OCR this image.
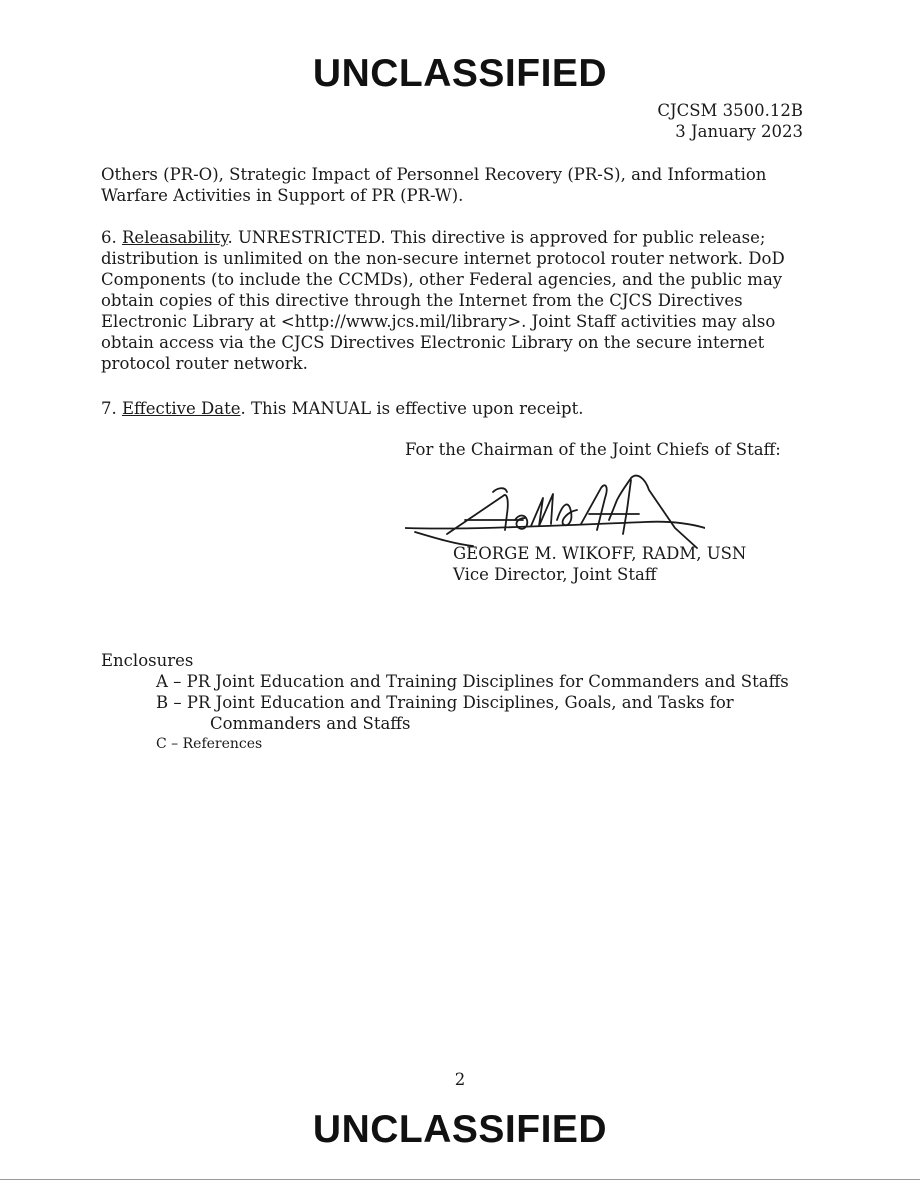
UNCLASSIFIED
CJCSM 3500.12B
3 January 2023
Others (PR-O), Strategic Impact of Personnel Recovery (PR-S), and Information Warfare Activities in Support of PR (PR-W).
6. Releasability. UNRESTRICTED. This directive is approved for public release; distribution is unlimited on the non-secure internet protocol router network. DoD Components (to include the CCMDs), other Federal agencies, and the public may obtain copies of this directive through the Internet from the CJCS Directives Electronic Library at <http://www.jcs.mil/library>. Joint Staff activities may also obtain access via the CJCS Directives Electronic Library on the secure internet protocol router network.
7. Effective Date. This MANUAL is effective upon receipt.
For the Chairman of the Joint Chiefs of Staff:
GEORGE M. WIKOFF, RADM, USN
Vice Director, Joint Staff
Enclosures
A – PR Joint Education and Training Disciplines for Commanders and Staffs
B – PR Joint Education and Training Disciplines, Goals, and Tasks for Commanders and Staffs
C – References
2
UNCLASSIFIED
